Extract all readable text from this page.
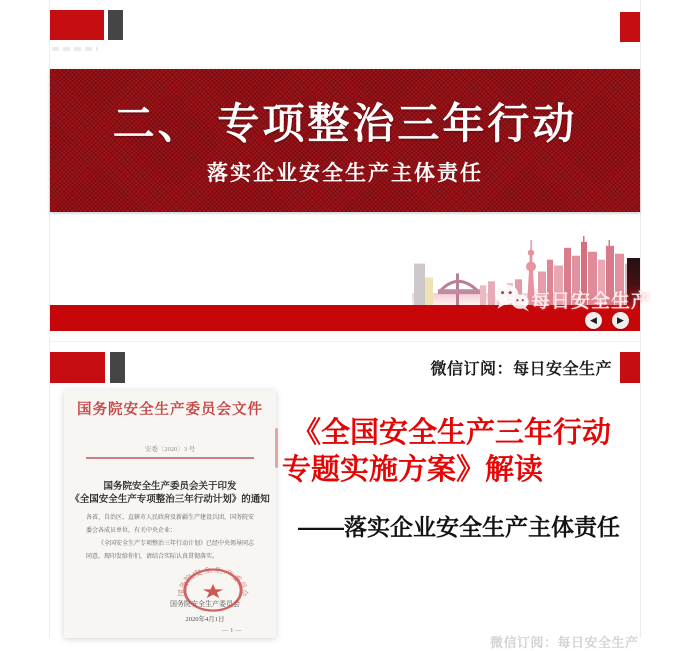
二、 专项整治三年行动
落实企业安全生产主体责任
每日安全生产
◀	▶
微信订阅：每日安全生产
国务院安全生产委员会文件
安委〔2020〕3 号
国务院安全生产委员会关于印发
《全国安全生产专项整治三年行动计划》的通知
各省、自治区、直辖市人民政府及新疆生产建设兵团，国务院安委会各成员单位，有关中央企业：
《全国安全生产专项整治三年行动计划》已经中央领导同志同意，现印发给你们，请结合实际认真贯彻落实。
国务院安全生产委员会
2020年4月1日
— 1 —
国务院安全生产委员会
★
《全国安全生产三年行动
专题实施方案》解读
——落实企业安全生产主体责任
微信订阅：每日安全生产
